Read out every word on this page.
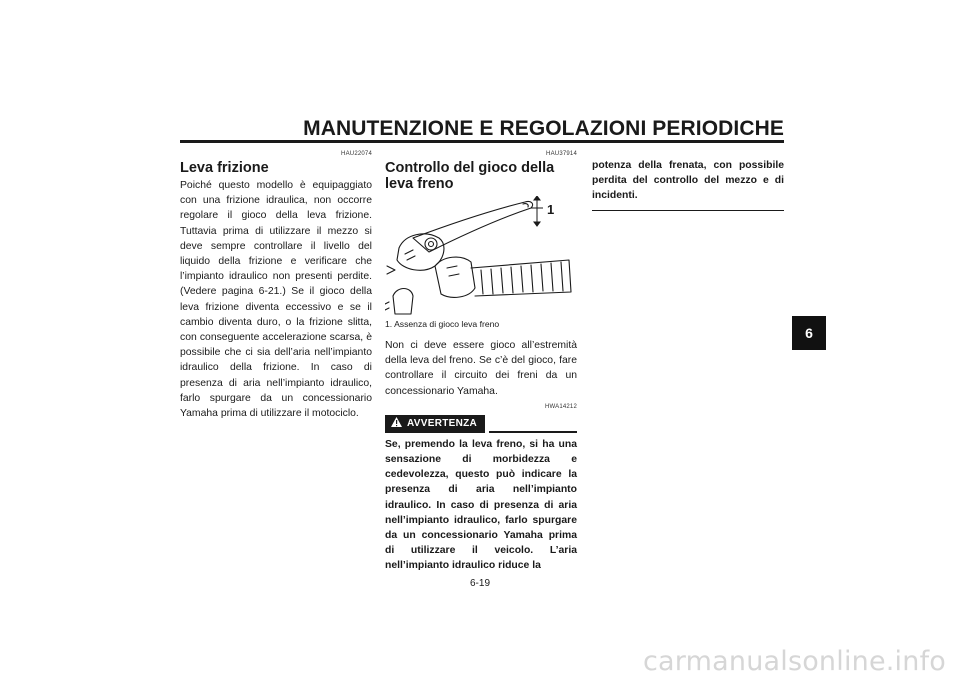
MANUTENZIONE E REGOLAZIONI PERIODICHE
6
HAU22074
Leva frizione

Poiché questo modello è equipaggiato con una frizione idraulica, non occorre regolare il gioco della leva frizione. Tuttavia prima di utilizzare il mezzo si deve sempre controllare il livello del liquido della frizione e verificare che l’impianto idraulico non presenti perdite. (Vedere pagina 6-21.) Se il gioco della leva frizione diventa eccessivo e se il cambio diventa duro, o la frizione slitta, con conseguente accelerazione scarsa, è possibile che ci sia dell’aria nell’impianto idraulico della frizione. In caso di presenza di aria nell’impianto idraulico, farlo spurgare da un concessionario Yamaha prima di utilizzare il motociclo.

HAU37914
Controllo del gioco della leva freno
1
1. Assenza di gioco leva freno

Non ci deve essere gioco all’estremità della leva del freno. Se c’è del gioco, fare controllare il circuito dei freni da un concessionario Yamaha.

HWA14212
AVVERTENZA

Se, premendo la leva freno, si ha una sensazione di morbidezza e cedevolezza, questo può indicare la presenza di aria nell’impianto idraulico. In caso di presenza di aria nell’impianto idraulico, farlo spurgare da un concessionario Yamaha prima di utilizzare il veicolo. L’aria nell’impianto idraulico riduce la

potenza della frenata, con possibile perdita del controllo del mezzo e di incidenti.

6-19
carmanualsonline.info
